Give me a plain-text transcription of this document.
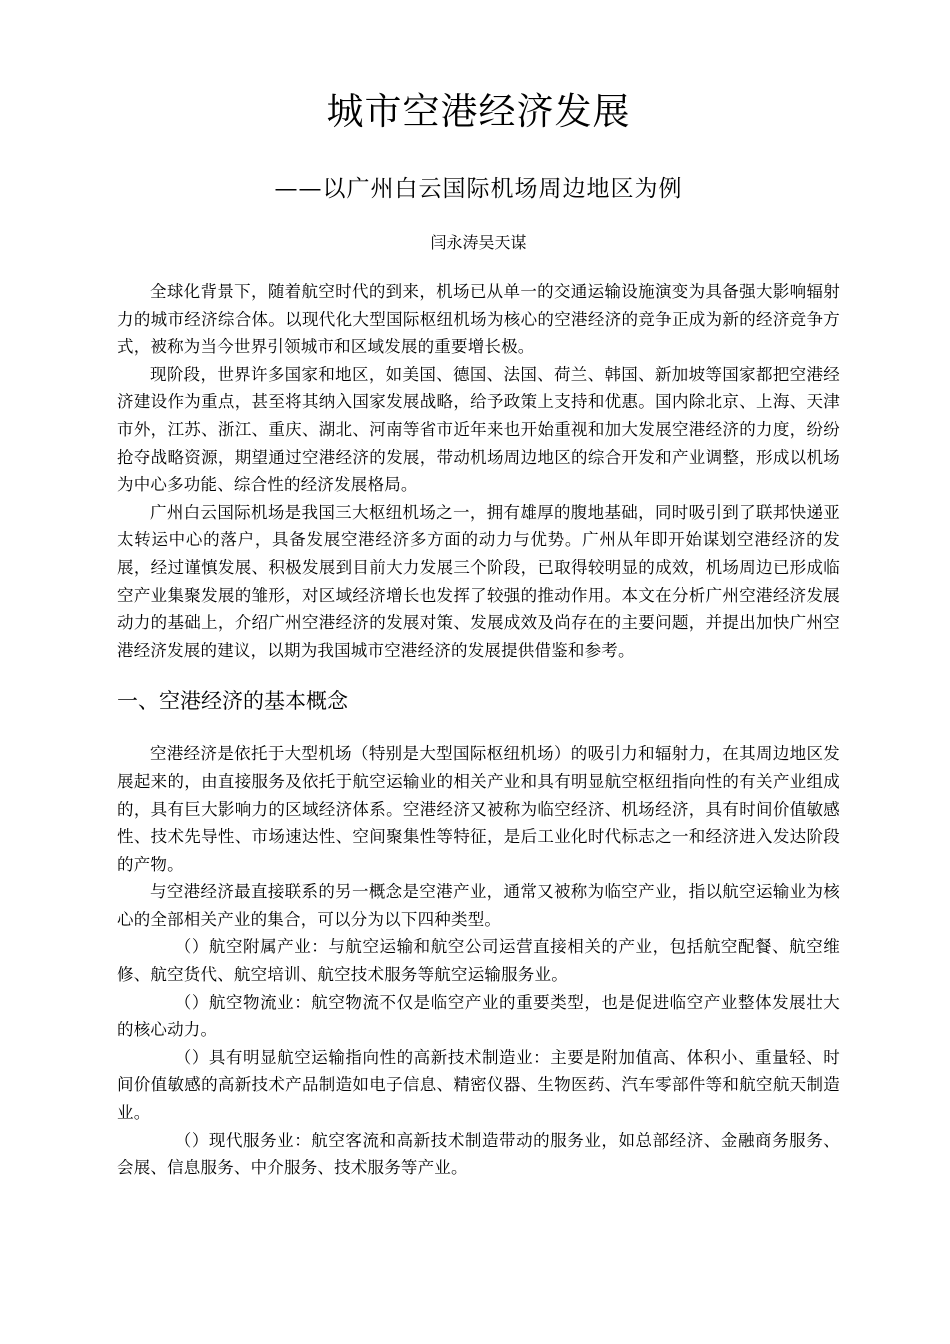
城市空港经济发展
——以广州白云国际机场周边地区为例
闫永涛吴天谋

全球化背景下，随着航空时代的到来，机场已从单一的交通运输设施演变为具备强大影响辐射力的城市经济综合体。以现代化大型国际枢纽机场为核心的空港经济的竞争正成为新的经济竞争方式，被称为当今世界引领城市和区域发展的重要增长极。

现阶段，世界许多国家和地区，如美国、德国、法国、荷兰、韩国、新加坡等国家都把空港经济建设作为重点，甚至将其纳入国家发展战略，给予政策上支持和优惠。国内除北京、上海、天津市外，江苏、浙江、重庆、湖北、河南等省市近年来也开始重视和加大发展空港经济的力度，纷纷抢夺战略资源，期望通过空港经济的发展，带动机场周边地区的综合开发和产业调整，形成以机场为中心多功能、综合性的经济发展格局。

广州白云国际机场是我国三大枢纽机场之一，拥有雄厚的腹地基础，同时吸引到了联邦快递亚太转运中心的落户，具备发展空港经济多方面的动力与优势。广州从年即开始谋划空港经济的发展，经过谨慎发展、积极发展到目前大力发展三个阶段，已取得较明显的成效，机场周边已形成临空产业集聚发展的雏形，对区域经济增长也发挥了较强的推动作用。本文在分析广州空港经济发展动力的基础上，介绍广州空港经济的发展对策、发展成效及尚存在的主要问题，并提出加快广州空港经济发展的建议，以期为我国城市空港经济的发展提供借鉴和参考。

一、空港经济的基本概念

空港经济是依托于大型机场（特别是大型国际枢纽机场）的吸引力和辐射力，在其周边地区发展起来的，由直接服务及依托于航空运输业的相关产业和具有明显航空枢纽指向性的有关产业组成的，具有巨大影响力的区域经济体系。空港经济又被称为临空经济、机场经济，具有时间价值敏感性、技术先导性、市场速达性、空间聚集性等特征，是后工业化时代标志之一和经济进入发达阶段的产物。

与空港经济最直接联系的另一概念是空港产业，通常又被称为临空产业，指以航空运输业为核心的全部相关产业的集合，可以分为以下四种类型。

（）航空附属产业：与航空运输和航空公司运营直接相关的产业，包括航空配餐、航空维修、航空货代、航空培训、航空技术服务等航空运输服务业。

（）航空物流业：航空物流不仅是临空产业的重要类型，也是促进临空产业整体发展壮大的核心动力。

（）具有明显航空运输指向性的高新技术制造业：主要是附加值高、体积小、重量轻、时间价值敏感的高新技术产品制造如电子信息、精密仪器、生物医药、汽车零部件等和航空航天制造业。

（）现代服务业：航空客流和高新技术制造带动的服务业，如总部经济、金融商务服务、会展、信息服务、中介服务、技术服务等产业。
